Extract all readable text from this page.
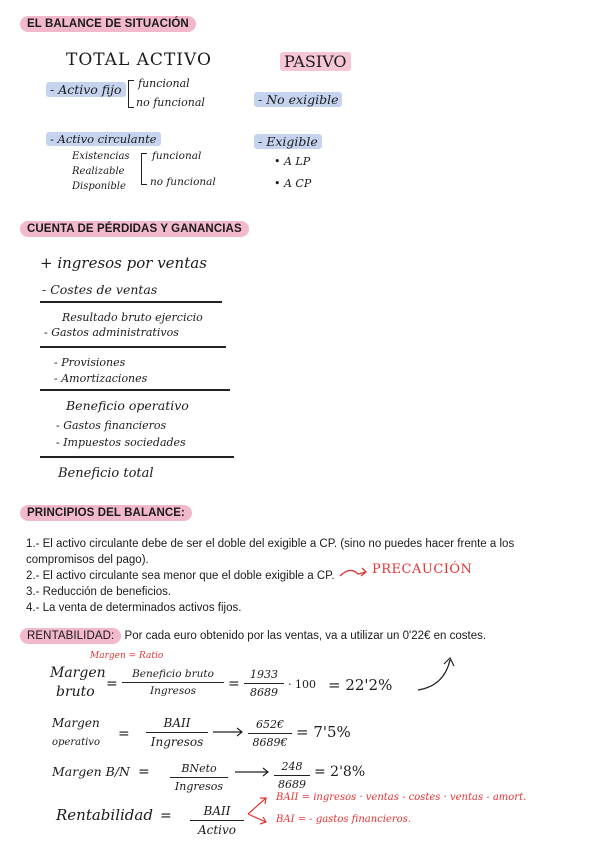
EL BALANCE DE SITUACIÓN
TOTAL ACTIVO	PASIVO
- Activo fijo	funcional
no funcional	- No exigible
- Activo circulante
Existencias
Realizable
Disponible
funcional
no funcional
- Exigible
• A LP
• A CP
CUENTA DE PÉRDIDAS Y GANANCIAS
+ ingresos por ventas
- Costes de ventas
Resultado bruto ejercicio
- Gastos administrativos
- Provisiones
- Amortizaciones
Beneficio operativo
- Gastos financieros
- Impuestos sociedades
Beneficio total
PRINCIPIOS DEL BALANCE:
1.- El activo circulante debe de ser el doble del exigible a CP. (sino no puedes hacer frente a los
compromisos del pago).
2.- El activo circulante sea menor que el doble exigible a CP.	PRECAUCIÓN
3.- Reducción de beneficios.
4.- La venta de determinados activos fijos.
RENTABILIDAD: Por cada euro obtenido por las ventas, va a utilizar un 0'22€ en costes.
Margen = Ratio
Margen
bruto =
Beneficio bruto
Ingresos	=
1933
8689
· 100 = 22'2%
Margen
operativo
=
BAII
Ingresos
652€
8689€
= 7'5%
Margen B/N =	BNeto
Ingresos
248
8689
= 2'8%
Rentabilidad =	BAII
Activo
BAII = ingresos · ventas - costes · ventas - amort.
BAI = - gastos financieros.
